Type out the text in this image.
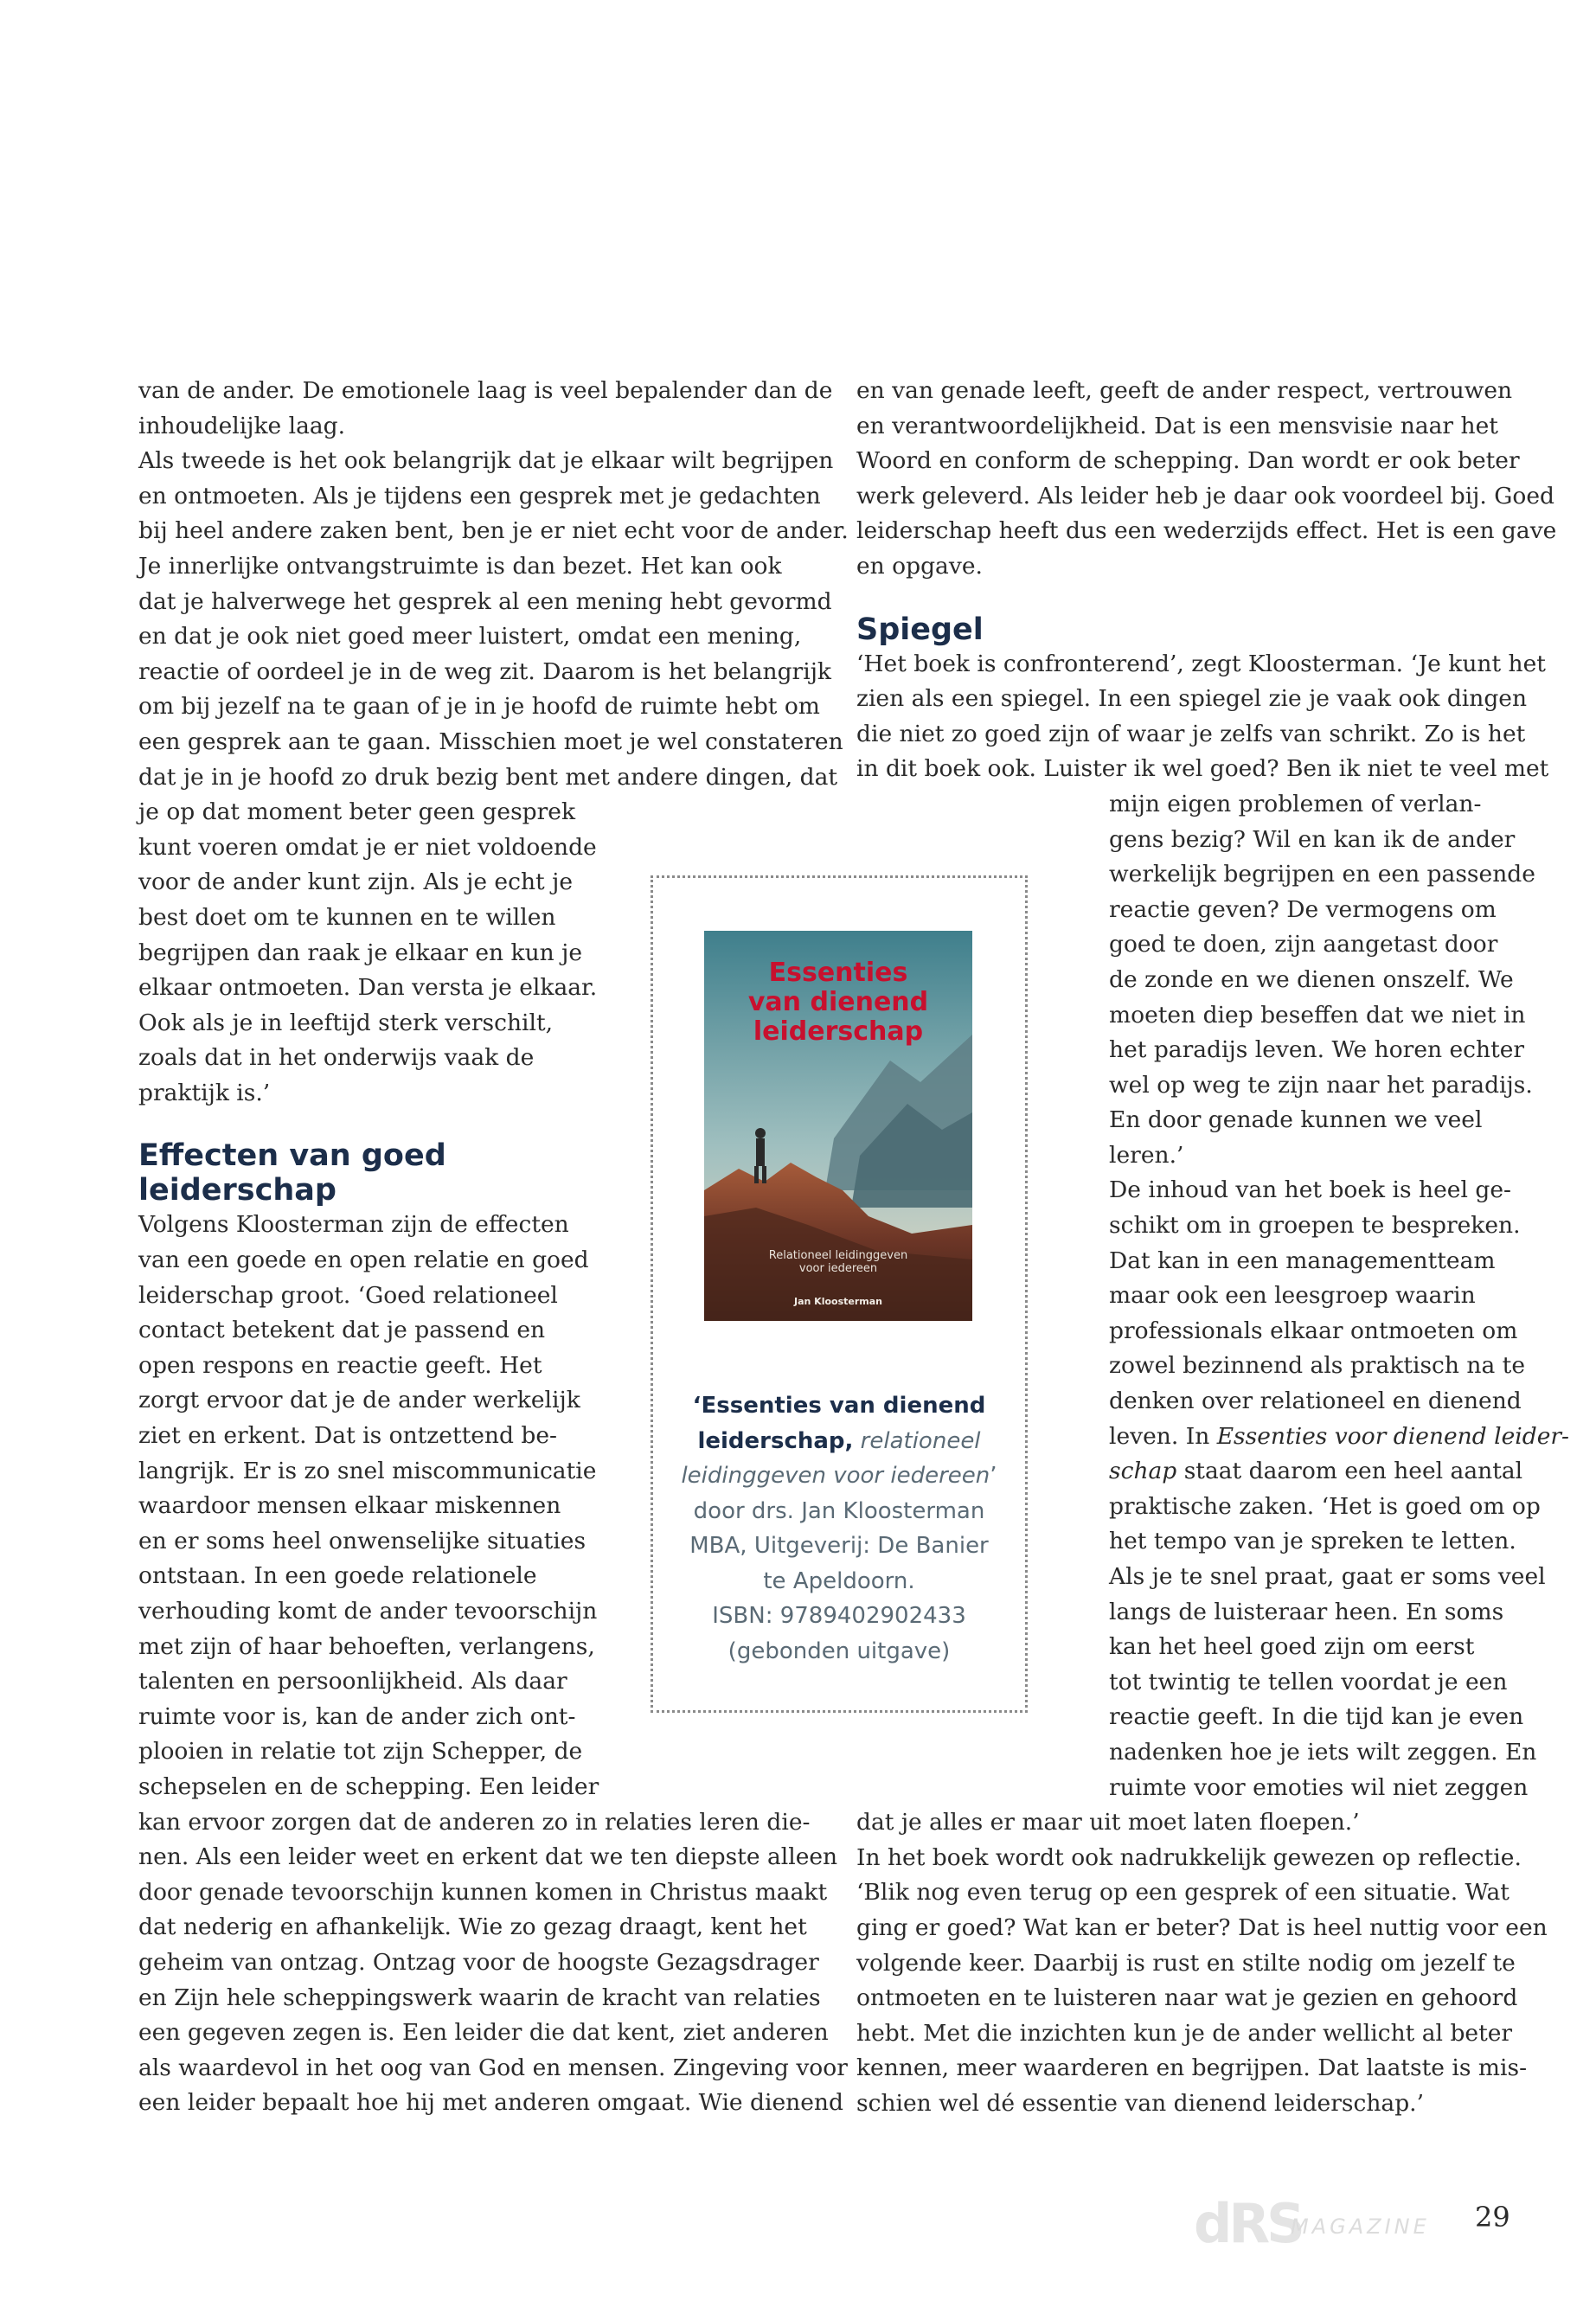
van de ander. De emotionele laag is veel bepalender dan de
inhoudelijke laag.

Als tweede is het ook belangrijk dat je elkaar wilt begrijpen
en ontmoeten. Als je tijdens een gesprek met je gedachten
bij heel andere zaken bent, ben je er niet echt voor de ander.
Je innerlijke ontvangstruimte is dan bezet. Het kan ook
dat je halverwege het gesprek al een mening hebt gevormd
en dat je ook niet goed meer luistert, omdat een mening,
reactie of oordeel je in de weg zit. Daarom is het belangrijk
om bij jezelf na te gaan of je in je hoofd de ruimte hebt om
een gesprek aan te gaan. Misschien moet je wel constateren
dat je in je hoofd zo druk bezig bent met andere dingen, dat
je op dat moment beter geen gesprek
kunt voeren omdat je er niet voldoende
voor de ander kunt zijn. Als je echt je
best doet om te kunnen en te willen
begrijpen dan raak je elkaar en kun je
elkaar ontmoeten. Dan versta je elkaar.
Ook als je in leeftijd sterk verschilt,
zoals dat in het onderwijs vaak de
praktijk is.’

Effecten van goed
leiderschap

Volgens Kloosterman zijn de effecten
van een goede en open relatie en goed
leiderschap groot. ‘Goed relationeel
contact betekent dat je passend en
open respons en reactie geeft. Het
zorgt ervoor dat je de ander werkelijk
ziet en erkent. Dat is ontzettend be-
langrijk. Er is zo snel miscommunicatie
waardoor mensen elkaar miskennen
en er soms heel onwenselijke situaties
ontstaan. In een goede relationele
verhouding komt de ander tevoorschijn
met zijn of haar behoeften, verlangens,
talenten en persoonlijkheid. Als daar
ruimte voor is, kan de ander zich ont-
plooien in relatie tot zijn Schepper, de
schepselen en de schepping. Een leider
kan ervoor zorgen dat de anderen zo in relaties leren die-
nen. Als een leider weet en erkent dat we ten diepste alleen
door genade tevoorschijn kunnen komen in Christus maakt
dat nederig en afhankelijk. Wie zo gezag draagt, kent het
geheim van ontzag. Ontzag voor de hoogste Gezagsdrager
en Zijn hele scheppingswerk waarin de kracht van relaties
een gegeven zegen is. Een leider die dat kent, ziet anderen
als waardevol in het oog van God en mensen. Zingeving voor
een leider bepaalt hoe hij met anderen omgaat. Wie dienend

en van genade leeft, geeft de ander respect, vertrouwen
en verantwoordelijkheid. Dat is een mensvisie naar het
Woord en conform de schepping. Dan wordt er ook beter
werk geleverd. Als leider heb je daar ook voordeel bij. Goed
leiderschap heeft dus een wederzijds effect. Het is een gave
en opgave.

Spiegel

‘Het boek is confronterend’, zegt Kloosterman. ‘Je kunt het
zien als een spiegel. In een spiegel zie je vaak ook dingen
die niet zo goed zijn of waar je zelfs van schrikt. Zo is het
in dit boek ook. Luister ik wel goed? Ben ik niet te veel met
mijn eigen problemen of verlan-
gens bezig? Wil en kan ik de ander
werkelijk begrijpen en een passende
reactie geven? De vermogens om
goed te doen, zijn aangetast door
de zonde en we dienen onszelf. We
moeten diep beseffen dat we niet in
het paradijs leven. We horen echter
wel op weg te zijn naar het paradijs.
En door genade kunnen we veel
leren.’

De inhoud van het boek is heel ge-
schikt om in groepen te bespreken.
Dat kan in een managementteam
maar ook een leesgroep waarin
professionals elkaar ontmoeten om
zowel bezinnend als praktisch na te
denken over relationeel en dienend
leven. In Essenties voor dienend leider-
schap staat daarom een heel aantal
praktische zaken. ‘Het is goed om op
het tempo van je spreken te letten.
Als je te snel praat, gaat er soms veel
langs de luisteraar heen. En soms
kan het heel goed zijn om eerst
tot twintig te tellen voordat je een
reactie geeft. In die tijd kan je even
nadenken hoe je iets wilt zeggen. En
ruimte voor emoties wil niet zeggen
dat je alles er maar uit moet laten floepen.’

In het boek wordt ook nadrukkelijk gewezen op reflectie.
‘Blik nog even terug op een gesprek of een situatie. Wat
ging er goed? Wat kan er beter? Dat is heel nuttig voor een
volgende keer. Daarbij is rust en stilte nodig om jezelf te
ontmoeten en te luisteren naar wat je gezien en gehoord
hebt. Met die inzichten kun je de ander wellicht al beter
kennen, meer waarderen en begrijpen. Dat laatste is mis-
schien wel dé essentie van dienend leiderschap.’

Essenties
van dienend
leiderschap
Relationeel leidinggeven
voor iedereen
Jan Kloosterman
‘Essenties van dienend
leiderschap, relationeel
leidinggeven voor iedereen’
door drs. Jan Kloosterman
MBA, Uitgeverij: De Banier
te Apeldoorn.
ISBN: 9789402902433
(gebonden uitgave)
dRS
MAGAZINE 29
